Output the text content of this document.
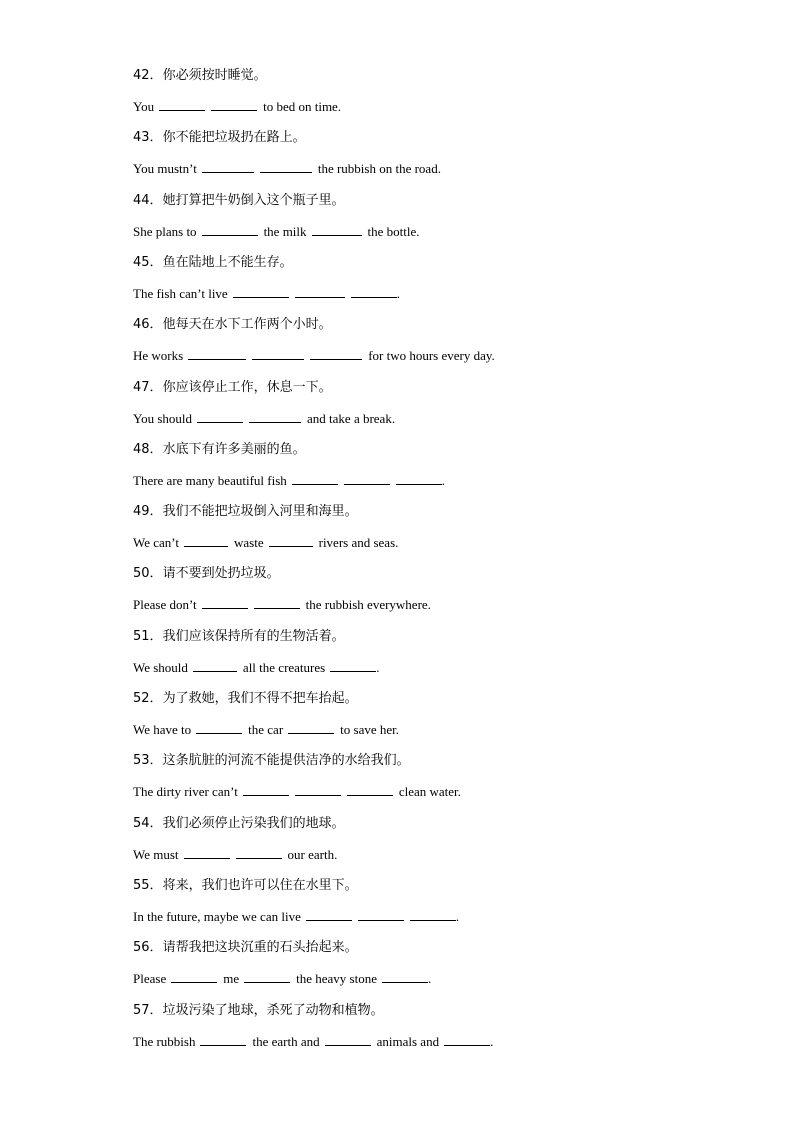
42．你必须按时睡觉。
You	to bed on time.
43．你不能把垃圾扔在路上。
You mustn’t	the rubbish on the road.
44．她打算把牛奶倒入这个瓶子里。
She plans to	the milk	the bottle.
45．鱼在陆地上不能生存。
The fish can’t live	.
46．他每天在水下工作两个小时。
He works	for two hours every day.
47．你应该停止工作，休息一下。
You should	and take a break.
48．水底下有许多美丽的鱼。
There are many beautiful fish	.
49．我们不能把垃圾倒入河里和海里。
We can’t	waste	rivers and seas.
50．请不要到处扔垃圾。
Please don’t	the rubbish everywhere.
51．我们应该保持所有的生物活着。
We should	all the creatures	.
52．为了救她，我们不得不把车抬起。
We have to	the car	to save her.
53．这条肮脏的河流不能提供洁净的水给我们。
The dirty river can’t	clean water.
54．我们必须停止污染我们的地球。
We must	our earth.
55．将来，我们也许可以住在水里下。
In the future, maybe we can live	.
56．请帮我把这块沉重的石头抬起来。
Please	me	the heavy stone	.
57．垃圾污染了地球，杀死了动物和植物。
The rubbish	the earth and	animals and	.
